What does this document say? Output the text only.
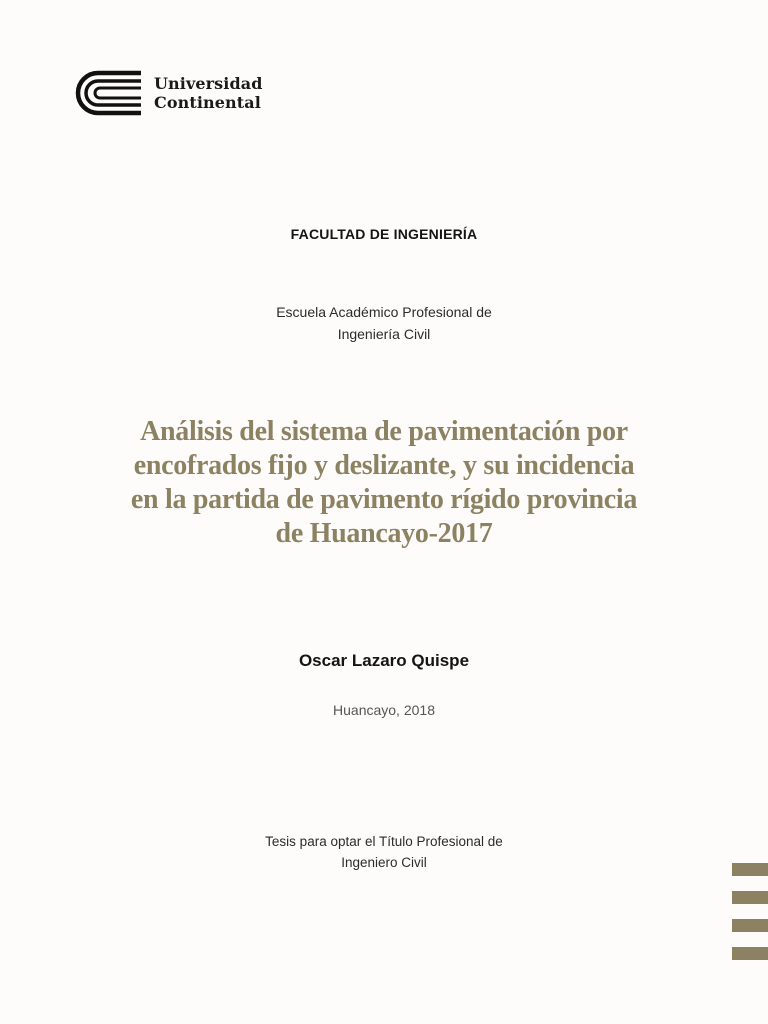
Universidad
Continental
FACULTAD DE INGENIERÍA
Escuela Académico Profesional de
Ingeniería Civil
Análisis del sistema de pavimentación por
encofrados fijo y deslizante, y su incidencia
en la partida de pavimento rígido provincia
de Huancayo-2017
Oscar Lazaro Quispe
Huancayo, 2018
Tesis para optar el Título Profesional de
Ingeniero Civil
